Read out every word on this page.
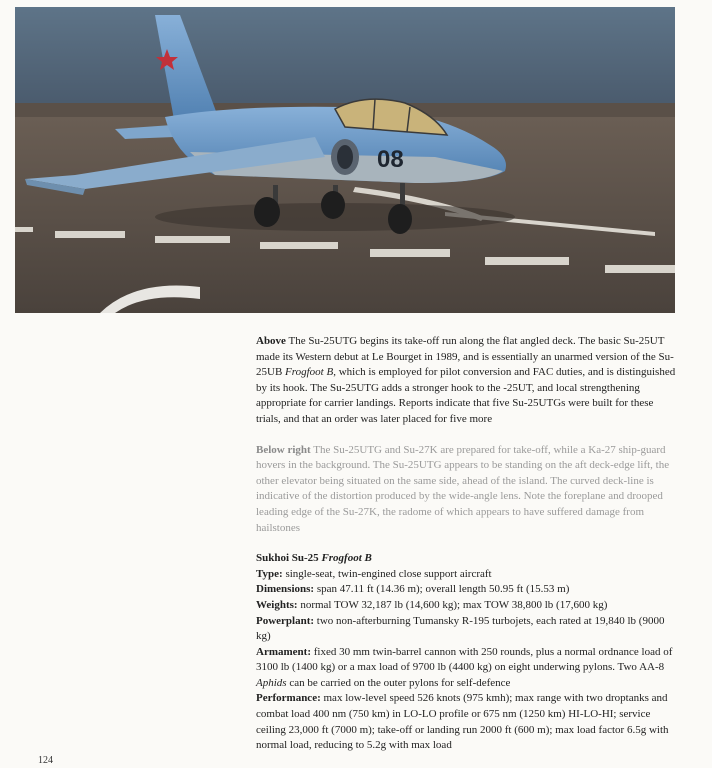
08

Above The Su-25UTG begins its take-off run along the flat angled deck. The basic Su-25UT made its Western debut at Le Bourget in 1989, and is essentially an unarmed version of the Su-25UB Frogfoot B, which is employed for pilot conversion and FAC duties, and is distinguished by its hook. The Su-25UTG adds a stronger hook to the -25UT, and local strengthening appropriate for carrier landings. Reports indicate that five Su-25UTGs were built for these trials, and that an order was later placed for five more

Below right The Su-25UTG and Su-27K are prepared for take-off, while a Ka-27 ship-guard hovers in the background. The Su-25UTG appears to be standing on the aft deck-edge lift, the other elevator being situated on the same side, ahead of the island. The curved deck-line is indicative of the distortion produced by the wide-angle lens. Note the foreplane and drooped leading edge of the Su-27K, the radome of which appears to have suffered damage from hailstones

Sukhoi Su-25 Frogfoot B

Type: single-seat, twin-engined close support aircraft

Dimensions: span 47.11 ft (14.36 m); overall length 50.95 ft (15.53 m)

Weights: normal TOW 32,187 lb (14,600 kg); max TOW 38,800 lb (17,600 kg)

Powerplant: two non-afterburning Tumansky R-195 turbojets, each rated at 19,840 lb (9000 kg)

Armament: fixed 30 mm twin-barrel cannon with 250 rounds, plus a normal ordnance load of 3100 lb (1400 kg) or a max load of 9700 lb (4400 kg) on eight underwing pylons. Two AA-8 Aphids can be carried on the outer pylons for self-defence

Performance: max low-level speed 526 knots (975 kmh); max range with two droptanks and combat load 400 nm (750 km) in LO-LO profile or 675 nm (1250 km) HI-LO-HI; service ceiling 23,000 ft (7000 m); take-off or landing run 2000 ft (600 m); max load factor 6.5g with normal load, reducing to 5.2g with max load

124
